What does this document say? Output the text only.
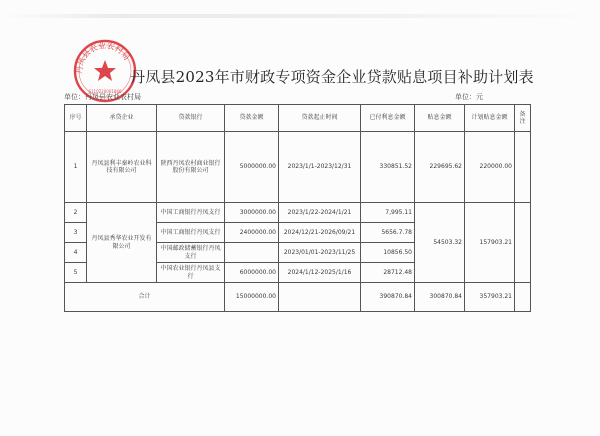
丹凤县农业农村局
6110220001866
丹凤县2023年市财政专项资金企业贷款贴息项目补助计划表
单位：丹凤县农业农村局	单位：元
序号	承贷企业	贷款银行	贷款金额	贷款起止时间	已付利息金额	贴息金额	计划贴息金额	备注
1	丹凤县利丰秦岭农业科技有限公司	陕西丹凤农村商业银行股份有限公司	5000000.00	2023/1/1-2023/12/31	330851.52	229695.62	220000.00	
2	丹凤县秀华农业开发有限公司	中国工商银行丹凤支行	3000000.00	2023/1/22-2024/1/21	7,995.11	54503.32	157903.21	
3		中国工商银行丹凤支行	2400000.00	2024/12/21-2026/09/21	5656.7.78			
4		中国邮政储蓄银行丹凤支行		2023/01/01-2023/11/25	10856.50			
5		中国农业银行丹凤县支行	6000000.00	2024/1/12-2025/1/16	28712.48			
合计			15000000.00		390870.84	300870.84	357903.21	
